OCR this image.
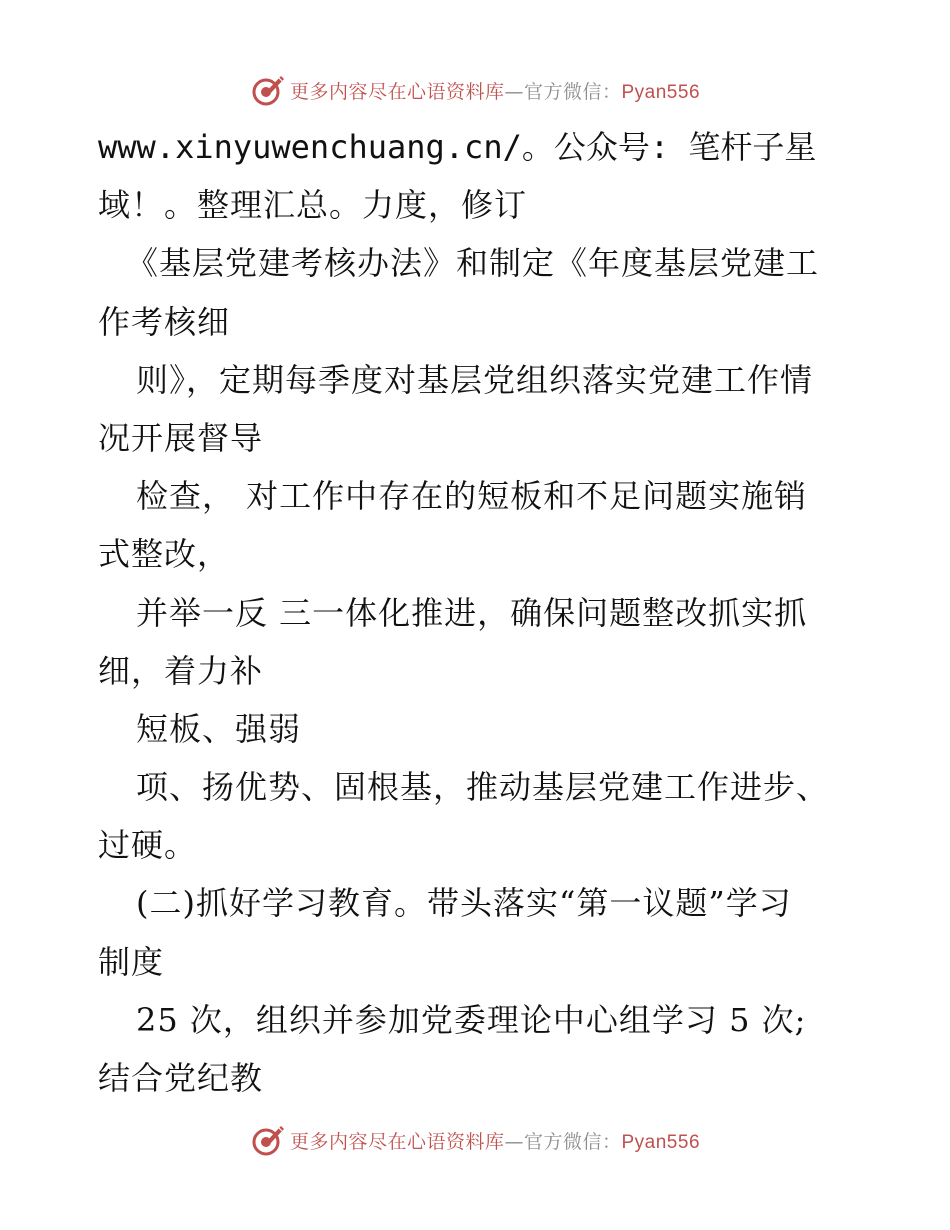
更多内容尽在心语资料库—官方微信：Pyan556
www.xinyuwenchuang.cn/。公众号: 笔杆子星
域！。整理汇总。力度，修订
《基层党建考核办法》和制定《年度基层党建工
作考核细
则》，定期每季度对基层党组织落实党建工作情
况开展督导
检查， 对工作中存在的短板和不足问题实施销
式整改，
并举一反 三一体化推进，确保问题整改抓实抓
细，着力补
短板、强弱
项、扬优势、固根基，推动基层党建工作进步、
过硬。
(二)抓好学习教育。带头落实“第一议题”学习
制度
25 次，组织并参加党委理论中心组学习 5 次;
结合党纪教
更多内容尽在心语资料库—官方微信：Pyan556
